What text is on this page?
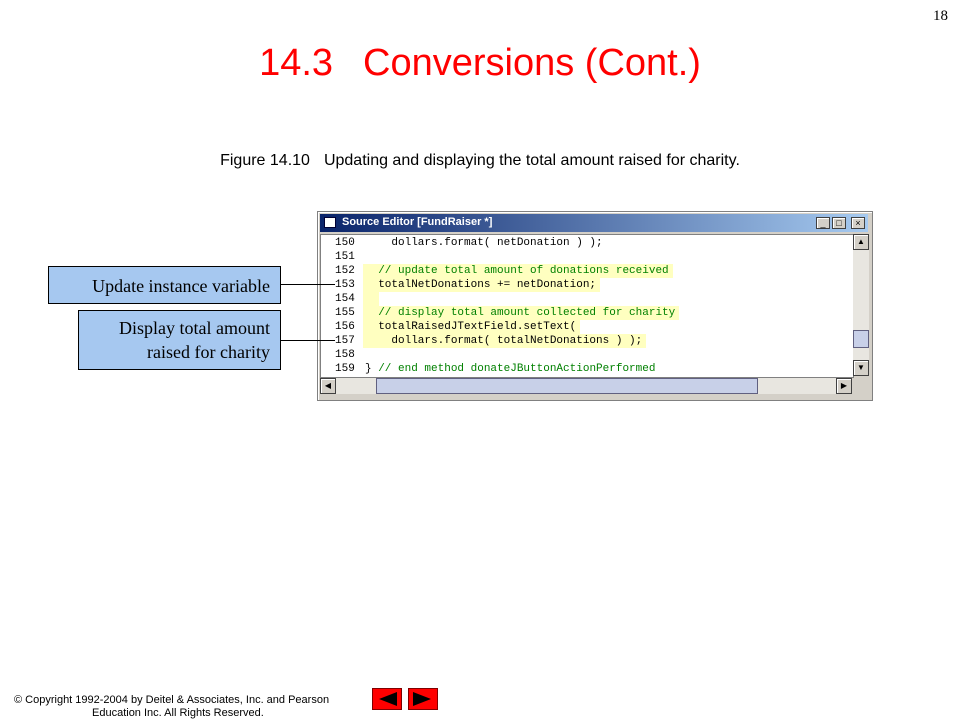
18
14.3 Conversions (Cont.)
Figure 14.10 Updating and displaying the total amount raised for charity.
Source Editor [FundRaiser *]	_	□	×
150 dollars.format( netDonation ) );
151
152 // update total amount of donations received
153 totalNetDonations += netDonation;
154
155 // display total amount collected for charity
156 totalRaisedJTextField.setText(
157 dollars.format( totalNetDonations ) );
158
159 } // end method donateJButtonActionPerformed
▲
▼
◀	▶
Update instance variable
Display total amount
raised for charity
© Copyright 1992-2004 by Deitel & Associates, Inc. and Pearson
Education Inc. All Rights Reserved.
